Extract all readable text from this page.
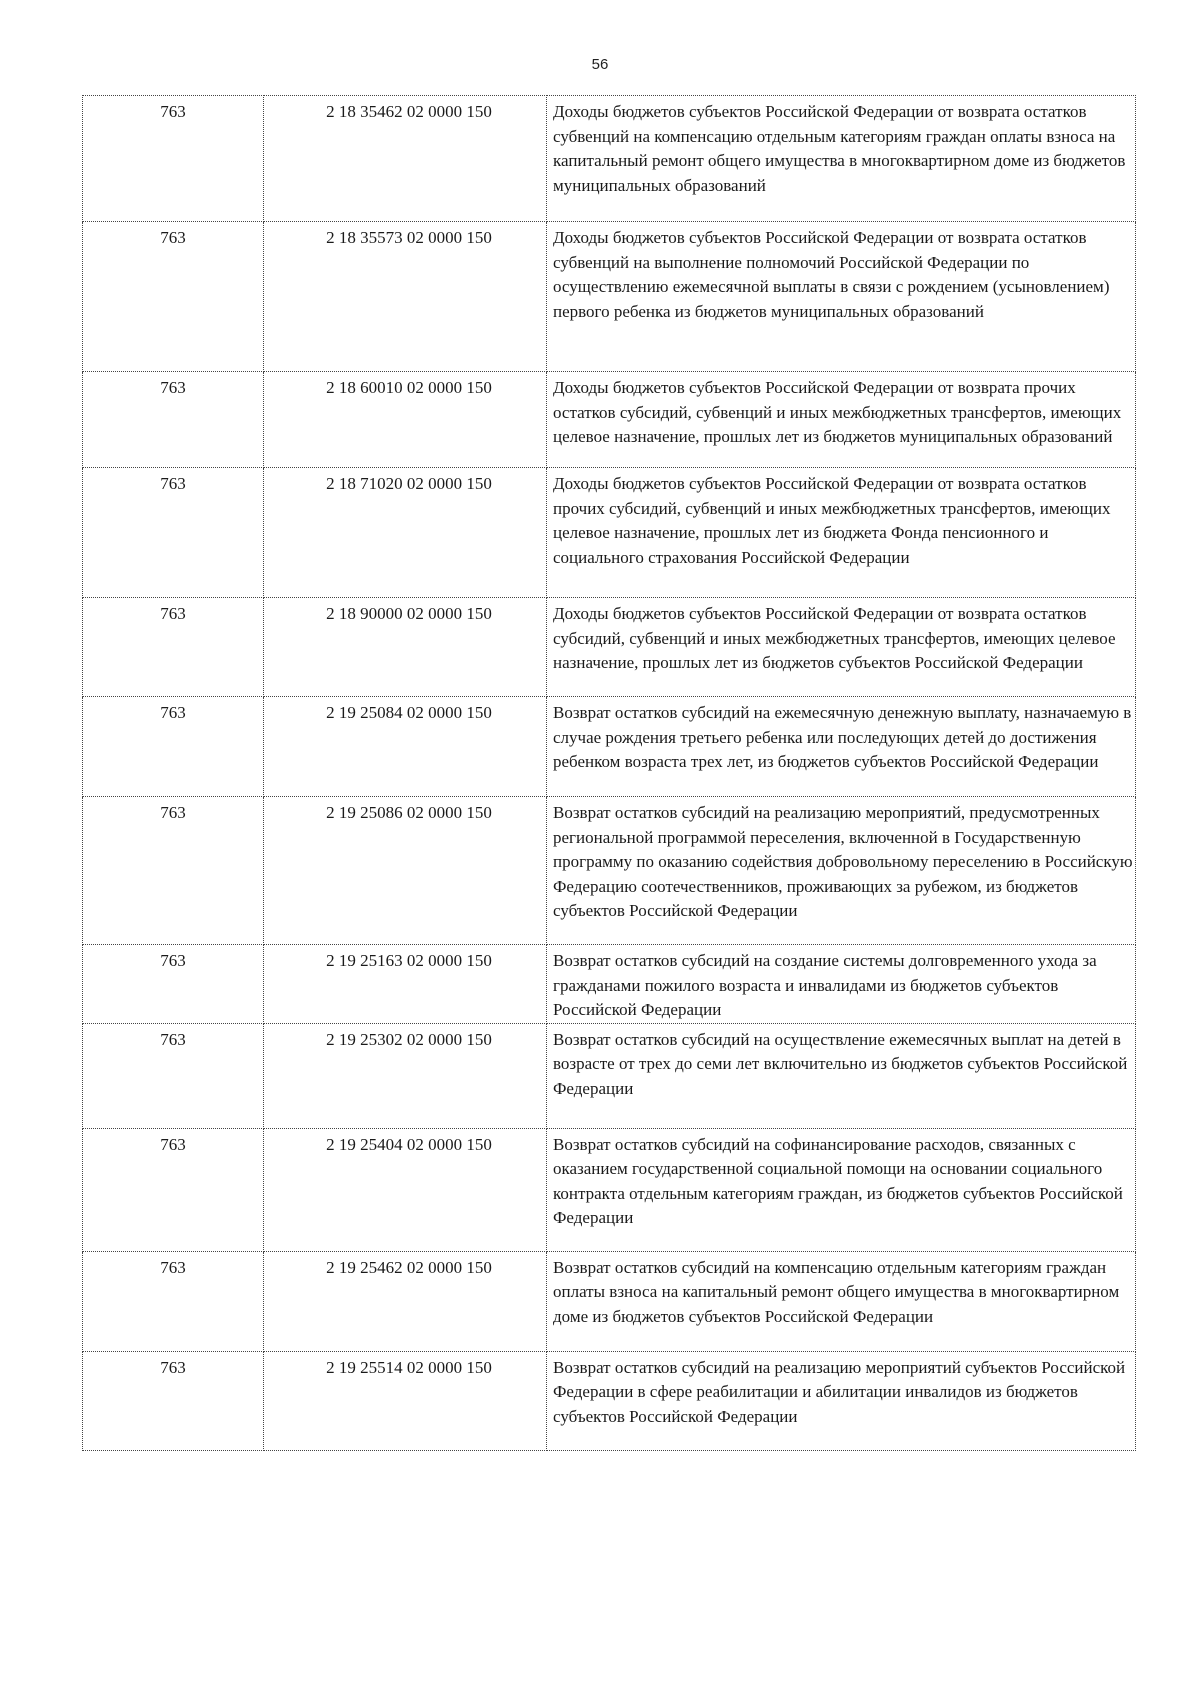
56
763	2 18 35462 02 0000 150	Доходы бюджетов субъектов Российской Федерации от возврата остатков субвенций на компенсацию отдельным категориям граждан оплаты взноса на капитальный ремонт общего имущества в многоквартирном доме из бюджетов муниципальных образований
763	2 18 35573 02 0000 150	Доходы бюджетов субъектов Российской Федерации от возврата остатков субвенций на выполнение полномочий Российской Федерации по осуществлению ежемесячной выплаты в связи с рождением (усыновлением) первого ребенка из бюджетов муниципальных образований
763	2 18 60010 02 0000 150	Доходы бюджетов субъектов Российской Федерации от возврата прочих остатков субсидий, субвенций и иных межбюджетных трансфертов, имеющих целевое назначение, прошлых лет из бюджетов муниципальных образований
763	2 18 71020 02 0000 150	Доходы бюджетов субъектов Российской Федерации от возврата остатков прочих субсидий, субвенций и иных межбюджетных трансфертов, имеющих целевое назначение, прошлых лет из бюджета Фонда пенсионного и социального страхования Российской Федерации
763	2 18 90000 02 0000 150	Доходы бюджетов субъектов Российской Федерации от возврата остатков субсидий, субвенций и иных межбюджетных трансфертов, имеющих целевое назначение, прошлых лет из бюджетов субъектов Российской Федерации
763	2 19 25084 02 0000 150	Возврат остатков субсидий на ежемесячную денежную выплату, назначаемую в случае рождения третьего ребенка или последующих детей до достижения ребенком возраста трех лет, из бюджетов субъектов Российской Федерации
763	2 19 25086 02 0000 150	Возврат остатков субсидий на реализацию мероприятий, предусмотренных региональной программой переселения, включенной в Государственную программу по оказанию содействия добровольному переселению в Российскую Федерацию соотечественников, проживающих за рубежом, из бюджетов субъектов Российской Федерации
763	2 19 25163 02 0000 150	Возврат остатков субсидий на создание системы долговременного ухода за гражданами пожилого возраста и инвалидами из бюджетов субъектов Российской Федерации
763	2 19 25302 02 0000 150	Возврат остатков субсидий на осуществление ежемесячных выплат на детей в возрасте от трех до семи лет включительно из бюджетов субъектов Российской Федерации
763	2 19 25404 02 0000 150	Возврат остатков субсидий на софинансирование расходов, связанных с оказанием государственной социальной помощи на основании социального контракта отдельным категориям граждан, из бюджетов субъектов Российской Федерации
763	2 19 25462 02 0000 150	Возврат остатков субсидий на компенсацию отдельным категориям граждан оплаты взноса на капитальный ремонт общего имущества в многоквартирном доме из бюджетов субъектов Российской Федерации
763	2 19 25514 02 0000 150	Возврат остатков субсидий на реализацию мероприятий субъектов Российской Федерации в сфере реабилитации и абилитации инвалидов из бюджетов субъектов Российской Федерации
